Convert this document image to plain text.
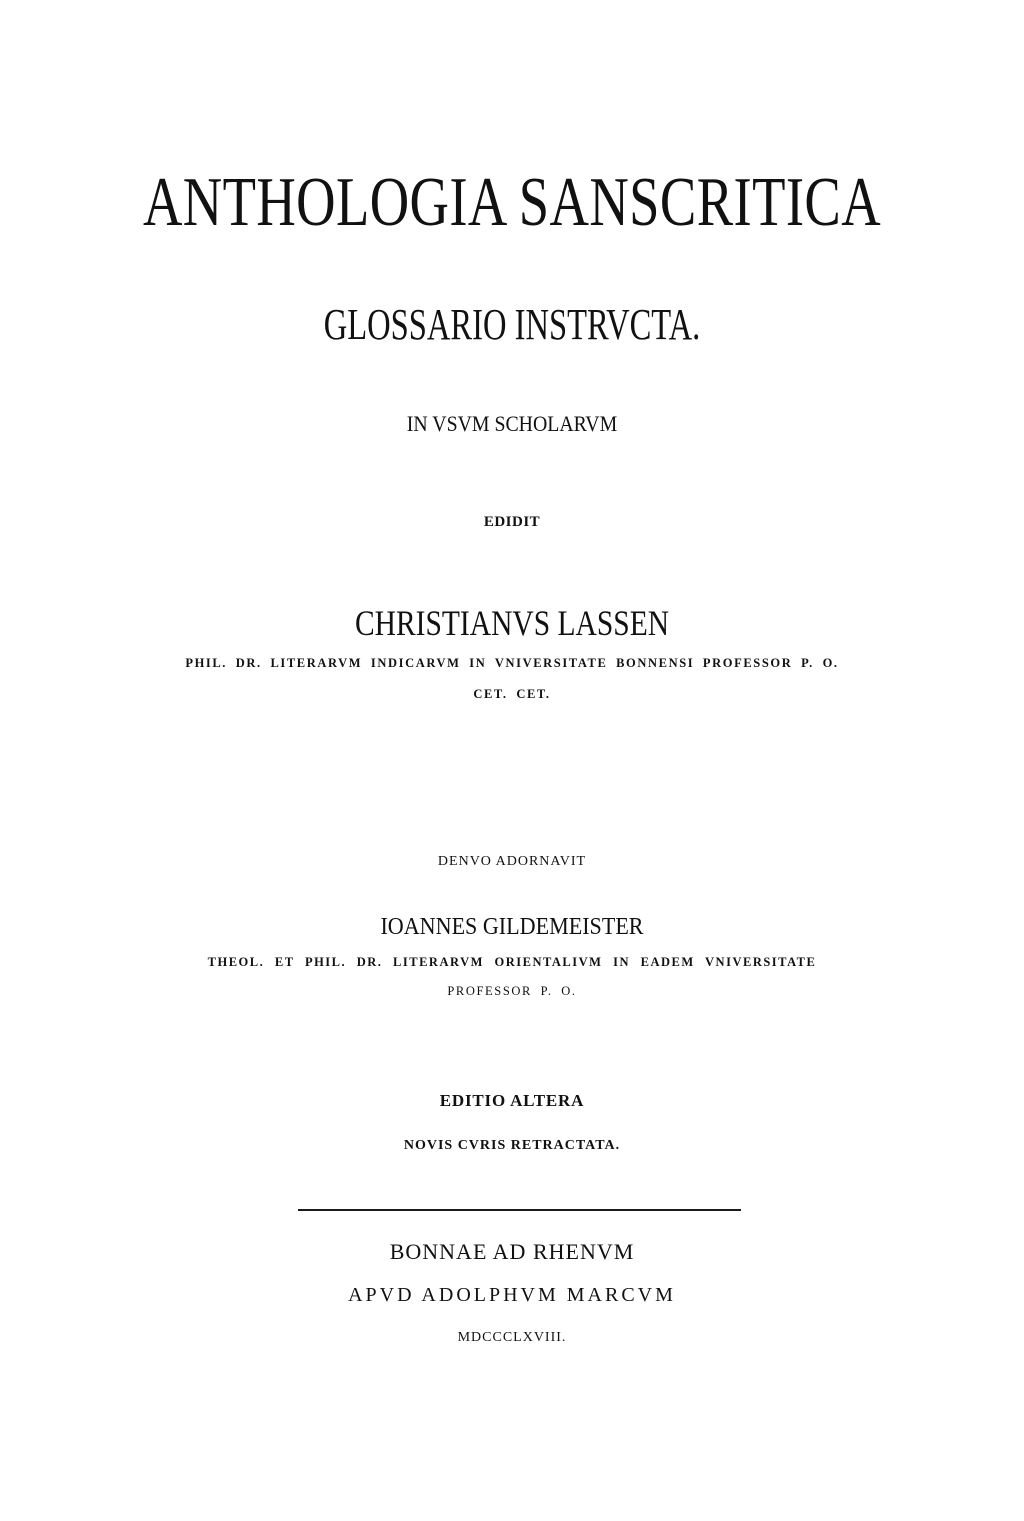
ANTHOLOGIA SANSCRITICA
GLOSSARIO INSTRVCTA.
IN VSVM SCHOLARVM
EDIDIT
CHRISTIANVS LASSEN
PHIL. DR. LITERARVM INDICARVM IN VNIVERSITATE BONNENSI PROFESSOR P. O.
CET. CET.
DENVO ADORNAVIT
IOANNES GILDEMEISTER
THEOL. ET PHIL. DR. LITERARVM ORIENTALIVM IN EADEM VNIVERSITATE
PROFESSOR P. O.
EDITIO ALTERA
NOVIS CVRIS RETRACTATA.
BONNAE AD RHENVM
APVD ADOLPHVM MARCVM
MDCCCLXVIII.
